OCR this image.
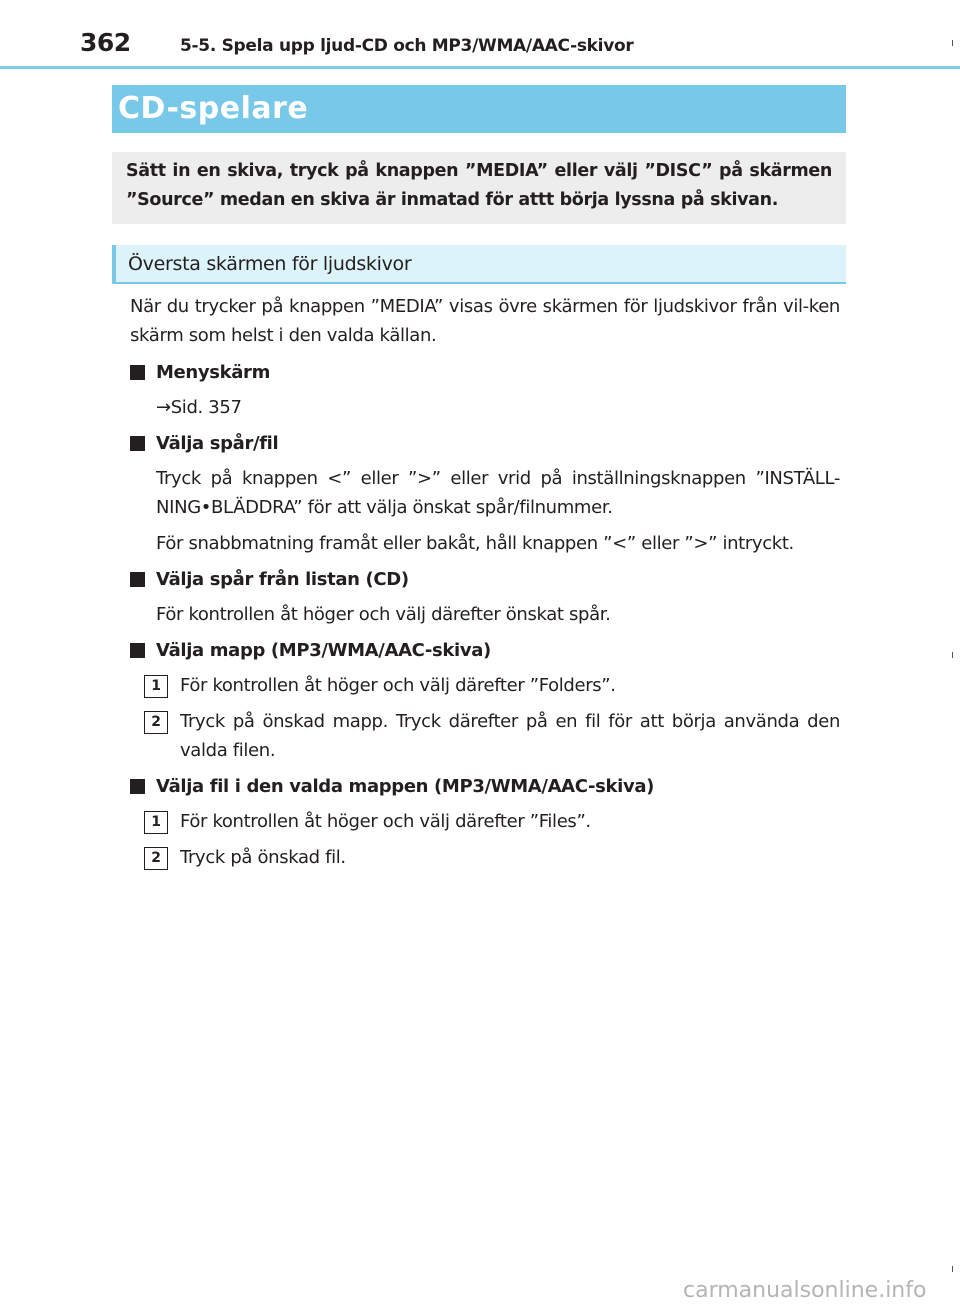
362	5-5. Spela upp ljud-CD och MP3/WMA/AAC-skivor
CD-spelare
Sätt in en skiva, tryck på knappen ”MEDIA” eller välj ”DISC” på skärmen ”Source” medan en skiva är inmatad för attt börja lyssna på skivan.
Översta skärmen för ljudskivor

När du trycker på knappen ”MEDIA” visas övre skärmen för ljudskivor från vil-ken skärm som helst i den valda källan.

Menyskärm

→Sid. 357

Välja spår/fil

Tryck på knappen <” eller ”>” eller vrid på inställningsknappen ”INSTÄLL-NING•BLÄDDRA” för att välja önskat spår/filnummer.

För snabbmatning framåt eller bakåt, håll knappen ”<” eller ”>” intryckt.

Välja spår från listan (CD)

För kontrollen åt höger och välj därefter önskat spår.

Välja mapp (MP3/WMA/AAC-skiva)

1	För kontrollen åt höger och välj därefter ”Folders”.

2	Tryck på önskad mapp. Tryck därefter på en fil för att börja använda den valda filen.

Välja fil i den valda mappen (MP3/WMA/AAC-skiva)

1	För kontrollen åt höger och välj därefter ”Files”.

2	Tryck på önskad fil.

carmanualsonline.info
